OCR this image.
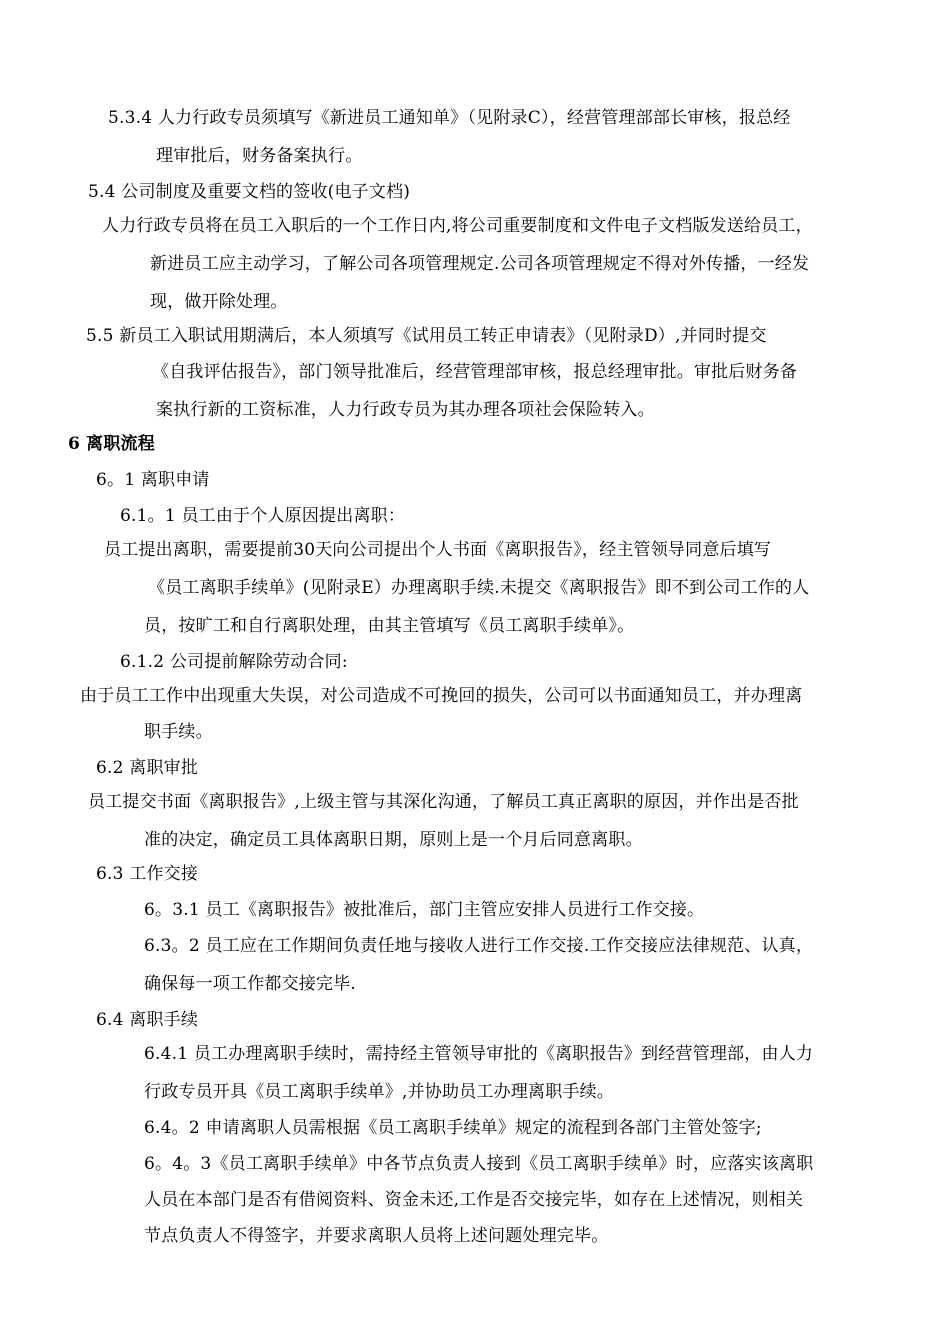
5.3.4 人力行政专员须填写《新进员工通知单》（见附录C），经营管理部部长审核，报总经
理审批后，财务备案执行。
5.4 公司制度及重要文档的签收(电子文档)
人力行政专员将在员工入职后的一个工作日内,将公司重要制度和文件电子文档版发送给员工，
新进员工应主动学习，了解公司各项管理规定.公司各项管理规定不得对外传播，一经发
现，做开除处理。
5.5 新员工入职试用期满后，本人须填写《试用员工转正申请表》（见附录D）,并同时提交
《自我评估报告》，部门领导批准后，经营管理部审核，报总经理审批。审批后财务备
案执行新的工资标准，人力行政专员为其办理各项社会保险转入。
6 离职流程
6。1 离职申请
6.1。1 员工由于个人原因提出离职：
员工提出离职，需要提前30天向公司提出个人书面《离职报告》，经主管领导同意后填写
《员工离职手续单》(见附录E）办理离职手续.未提交《离职报告》即不到公司工作的人
员，按旷工和自行离职处理，由其主管填写《员工离职手续单》。
6.1.2 公司提前解除劳动合同:
由于员工工作中出现重大失误，对公司造成不可挽回的损失，公司可以书面通知员工，并办理离
职手续。
6.2 离职审批
员工提交书面《离职报告》,上级主管与其深化沟通，了解员工真正离职的原因，并作出是否批
准的决定，确定员工具体离职日期，原则上是一个月后同意离职。
6.3 工作交接
6。3.1 员工《离职报告》被批准后，部门主管应安排人员进行工作交接。
6.3。2 员工应在工作期间负责任地与接收人进行工作交接.工作交接应法律规范、认真，
确保每一项工作都交接完毕.
6.4 离职手续
6.4.1 员工办理离职手续时，需持经主管领导审批的《离职报告》到经营管理部，由人力
行政专员开具《员工离职手续单》,并协助员工办理离职手续。
6.4。2 申请离职人员需根据《员工离职手续单》规定的流程到各部门主管处签字;
6。4。3《员工离职手续单》中各节点负责人接到《员工离职手续单》时，应落实该离职
人员在本部门是否有借阅资料、资金未还,工作是否交接完毕，如存在上述情况，则相关
节点负责人不得签字，并要求离职人员将上述问题处理完毕。
